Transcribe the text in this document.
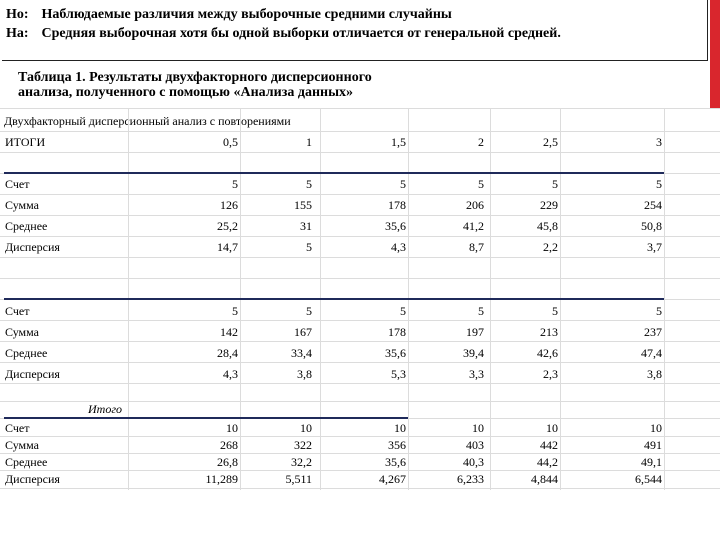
Но: Наблюдаемые различия между выборочные средними случайны
На: Средняя выборочная хотя бы одной выборки отличается от генеральной средней.
Таблица 1. Результаты двухфакторного дисперсионного
анализа, полученного с помощью «Анализа данных»
Двухфакторный дисперсионный анализ с повторениями
Итого
ИТОГИ	0,5	1	1,5	2	2,5	3
Счет	5	5	5	5	5	5
Сумма	126	155	178	206	229	254
Среднее	25,2	31	35,6	41,2	45,8	50,8
Дисперсия	14,7	5	4,3	8,7	2,2	3,7
Счет	5	5	5	5	5	5
Сумма	142	167	178	197	213	237
Среднее	28,4	33,4	35,6	39,4	42,6	47,4
Дисперсия	4,3	3,8	5,3	3,3	2,3	3,8
Счет	10	10	10	10	10	10
Сумма	268	322	356	403	442	491
Среднее	26,8	32,2	35,6	40,3	44,2	49,1
Дисперсия	11,289	5,511	4,267	6,233	4,844	6,544
